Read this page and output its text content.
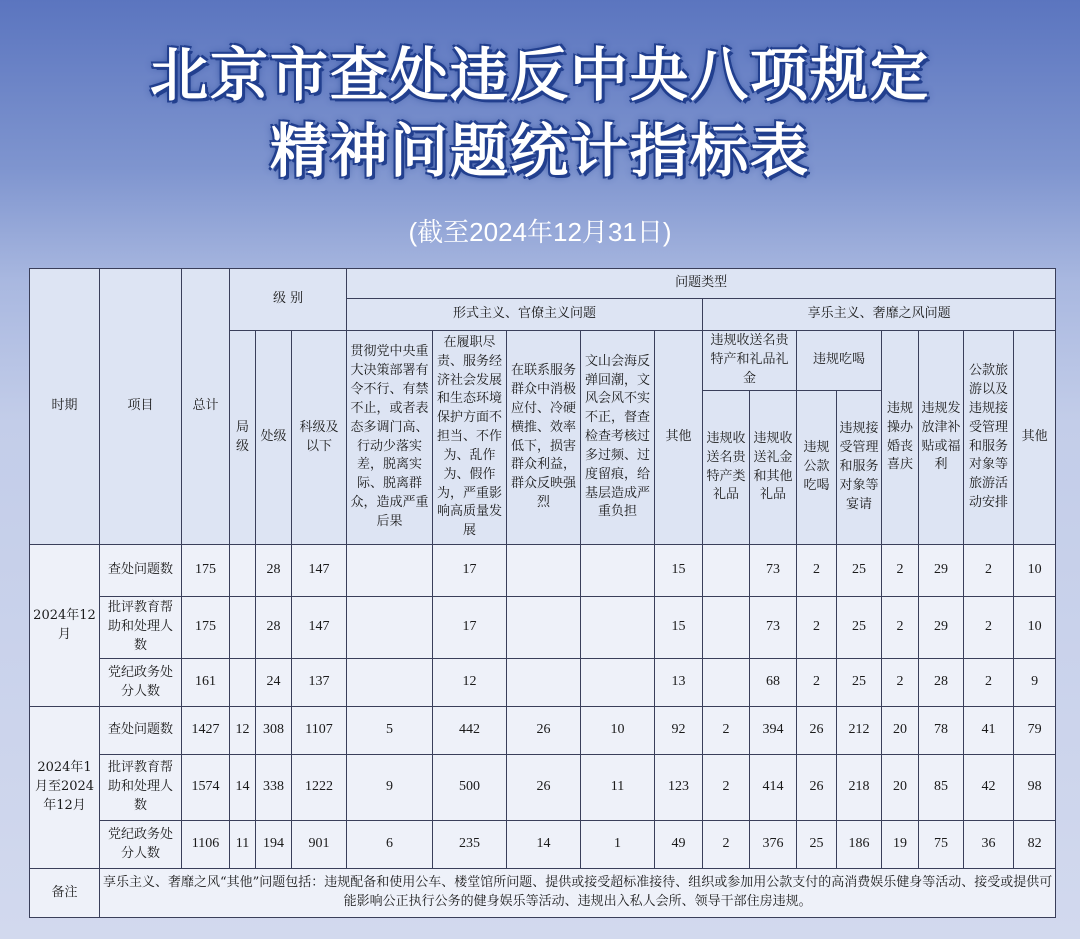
北京市查处违反中央八项规定
精神问题统计指标表
(截至2024年12月31日)
时期	项目	总计	级 别			问题类型												
						形式主义、官僚主义问题					享乐主义、奢靡之风问题							
			局级	处级	科级及以下	贯彻党中央重大决策部署有令不行、有禁不止，或者表态多调门高、行动少落实差，脱离实际、脱离群众，造成严重后果	在履职尽责、服务经济社会发展和生态环境保护方面不担当、不作为、乱作为、假作为，严重影响高质量发展	在联系服务群众中消极应付、冷硬横推、效率低下，损害群众利益，群众反映强烈	文山会海反弹回潮，文风会风不实不正，督查检查考核过多过频、过度留痕，给基层造成严重负担	其他	违规收送名贵特产和礼品礼金		违规吃喝		违规操办婚丧喜庆	违规发放津补贴或福利	公款旅游以及违规接受管理和服务对象等旅游活动安排	其他
											违规收送名贵特产类礼品	违规收送礼金和其他礼品	违规公款吃喝	违规接受管理和服务对象等宴请				
2024年12月	查处问题数	175		28	147		17			15		73	2	25	2	29	2	10
	批评教育帮助和处理人数	175		28	147		17			15		73	2	25	2	29	2	10
	党纪政务处分人数	161		24	137		12			13		68	2	25	2	28	2	9
2024年1月至2024年12月	查处问题数	1427	12	308	1107	5	442	26	10	92	2	394	26	212	20	78	41	79
	批评教育帮助和处理人数	1574	14	338	1222	9	500	26	11	123	2	414	26	218	20	85	42	98
	党纪政务处分人数	1106	11	194	901	6	235	14	1	49	2	376	25	186	19	75	36	82
备注	享乐主义、奢靡之风“其他”问题包括：违规配备和使用公车、楼堂馆所问题、提供或接受超标准接待、组织或参加用公款支付的高消费娱乐健身等活动、接受或提供可能影响公正执行公务的健身娱乐等活动、违规出入私人会所、领导干部住房违规。																	
